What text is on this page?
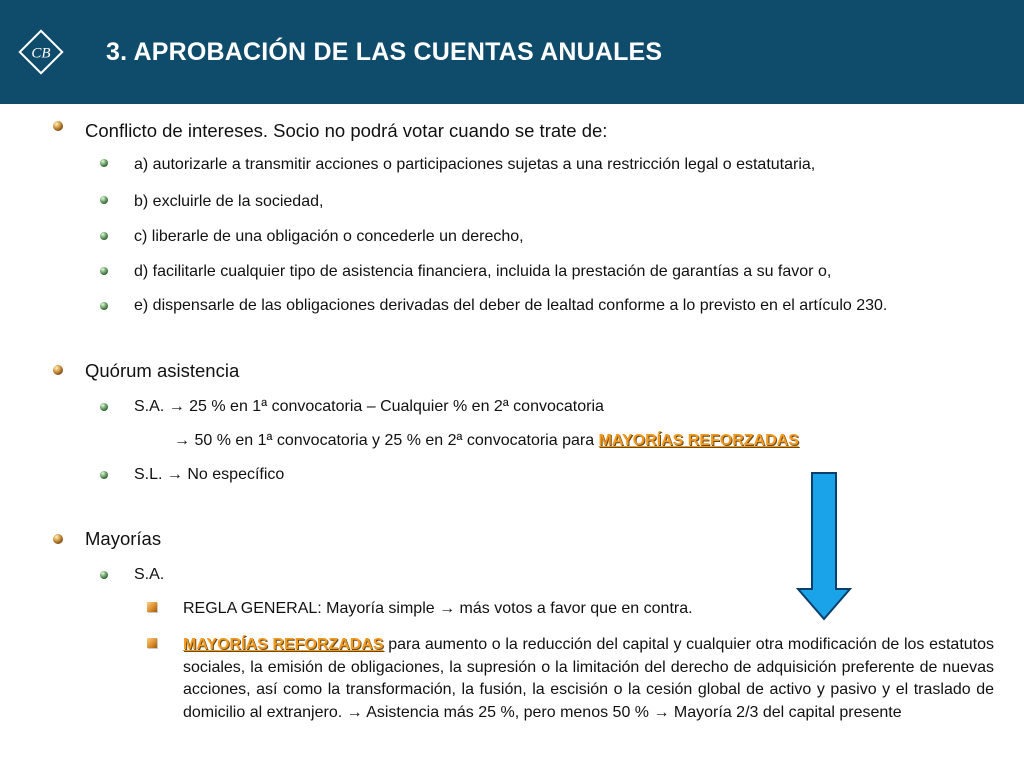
CB 3. APROBACIÓN DE LAS CUENTAS ANUALES
Conflicto de intereses. Socio no podrá votar cuando se trate de:
a) autorizarle a transmitir acciones o participaciones sujetas a una restricción legal o estatutaria,
b) excluirle de la sociedad,
c) liberarle de una obligación o concederle un derecho,
d) facilitarle cualquier tipo de asistencia financiera, incluida la prestación de garantías a su favor o,
e) dispensarle de las obligaciones derivadas del deber de lealtad conforme a lo previsto en el artículo 230.
Quórum asistencia
S.A.
→
25 % en 1ª convocatoria – Cualquier % en 2ª convocatoria
→
50 % en 1ª convocatoria y 25 % en 2ª convocatoria para
MAYORÍAS REFORZADAS
S.L.
→
No específico
Mayorías
S.A.
REGLA GENERAL: Mayoría simple
→
más votos a favor que en contra.
MAYORÍAS REFORZADAS para aumento o la reducción del capital y cualquier otra modificación de los estatutos sociales, la emisión de obligaciones, la supresión o la limitación del derecho de adquisición preferente de nuevas acciones, así como la transformación, la fusión, la escisión o la cesión global de activo y pasivo y el traslado de domicilio al extranjero. → Asistencia más 25 %, pero menos 50 % → Mayoría 2/3 del capital presente
